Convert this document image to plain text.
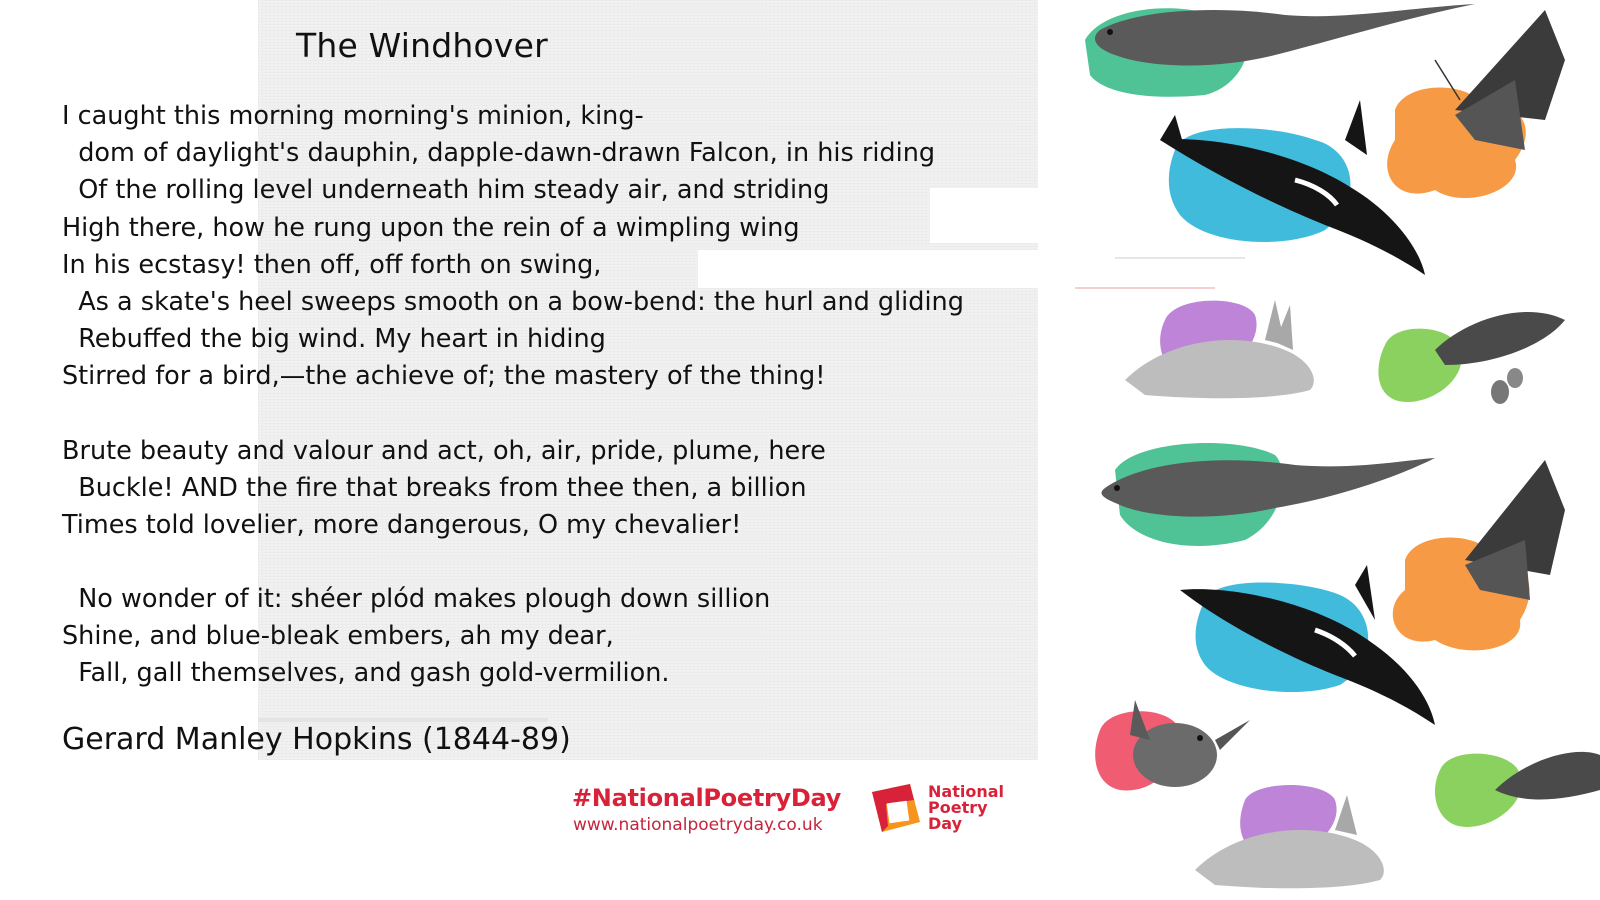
The Windhover
I caught this morning morning's minion, king-
dom of daylight's dauphin, dapple-dawn-drawn Falcon, in his riding
Of the rolling level underneath him steady air, and striding
High there, how he rung upon the rein of a wimpling wing
In his ecstasy! then off, off forth on swing,
As a skate's heel sweeps smooth on a bow-bend: the hurl and gliding
Rebuffed the big wind. My heart in hiding
Stirred for a bird,—the achieve of; the mastery of the thing!
Brute beauty and valour and act, oh, air, pride, plume, here
Buckle! AND the fire that breaks from thee then, a billion
Times told lovelier, more dangerous, O my chevalier!
No wonder of it: shéer plód makes plough down sillion
Shine, and blue-bleak embers, ah my dear,
Fall, gall themselves, and gash gold-vermilion.
Gerard Manley Hopkins (1844-89)
#NationalPoetryDay
www.nationalpoetryday.co.uk
National
Poetry
Day
